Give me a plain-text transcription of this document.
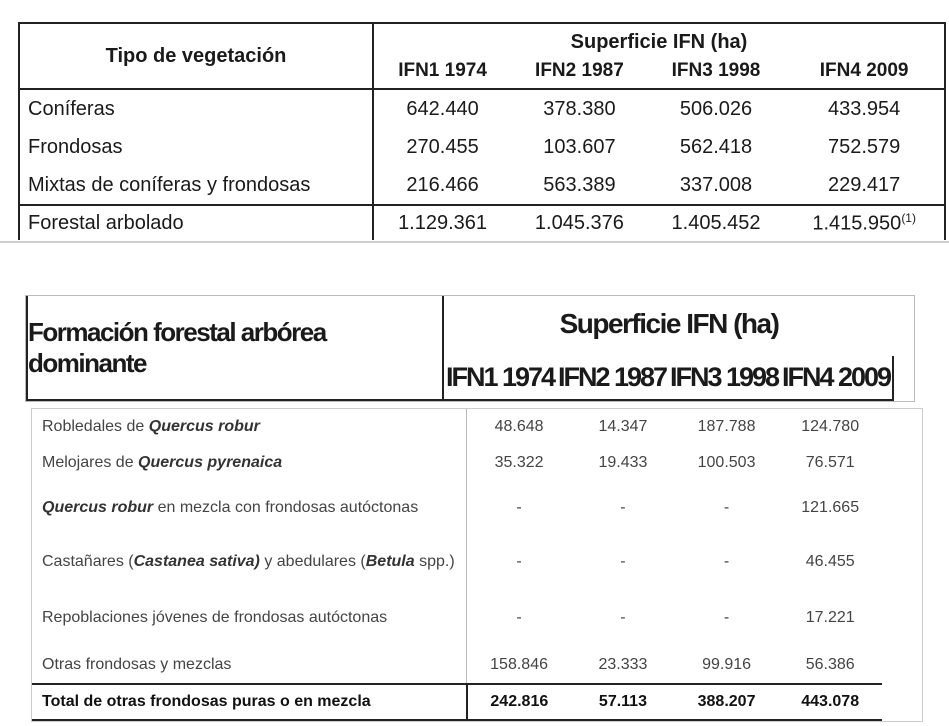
Tipo de vegetación	Superficie IFN (ha)			
	IFN1 1974	IFN2 1987	IFN3 1998	IFN4 2009
Coníferas	642.440	378.380	506.026	433.954
Frondosas	270.455	103.607	562.418	752.579
Mixtas de coníferas y frondosas	216.466	563.389	337.008	229.417
Forestal arbolado	1.129.361	1.045.376	1.405.452	1.415.950$^{(1)}$
Formación forestal arbórea dominante
Superficie IFN (ha)
IFN1 1974 IFN2 1987 IFN3 1998 IFN4 2009
Robledales de Quercus robur	48.648	14.347	187.788	124.780
Melojares de Quercus pyrenaica	35.322	19.433	100.503	76.571
Quercus robur en mezcla con frondosas autóctonas	-	-	-	121.665
Castañares (Castanea sativa) y abedulares (Betula spp.)	-	-	-	46.455
Repoblaciones jóvenes de frondosas autóctonas	-	-	-	17.221
Otras frondosas y mezclas	158.846	23.333	99.916	56.386
Total de otras frondosas puras o en mezcla	242.816	57.113	388.207	443.078
